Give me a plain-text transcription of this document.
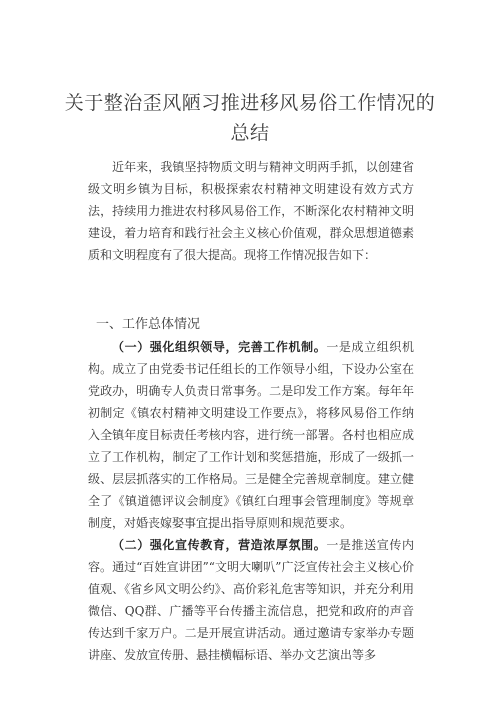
关于整治歪风陋习推进移风易俗工作情况的总结

近年来，我镇坚持物质文明与精神文明两手抓，以创建省级文明乡镇为目标，积极探索农村精神文明建设有效方式方法，持续用力推进农村移风易俗工作，不断深化农村精神文明建设，着力培育和践行社会主义核心价值观，群众思想道德素质和文明程度有了很大提高。现将工作情况报告如下：

一、工作总体情况

（一）强化组织领导，完善工作机制。一是成立组织机构。成立了由党委书记任组长的工作领导小组，下设办公室在党政办，明确专人负责日常事务。二是印发工作方案。每年年初制定《镇农村精神文明建设工作要点》，将移风易俗工作纳入全镇年度目标责任考核内容，进行统一部署。各村也相应成立了工作机构，制定了工作计划和奖惩措施，形成了一级抓一级、层层抓落实的工作格局。三是健全完善规章制度。建立健全了《镇道德评议会制度》《镇红白理事会管理制度》等规章制度，对婚丧嫁娶事宜提出指导原则和规范要求。

（二）强化宣传教育，营造浓厚氛围。一是推送宣传内容。通过“百姓宣讲团”“文明大喇叭”广泛宣传社会主义核心价值观、《省乡风文明公约》、高价彩礼危害等知识，并充分利用微信、QQ群、广播等平台传播主流信息，把党和政府的声音传达到千家万户。二是开展宣讲活动。通过邀请专家举办专题讲座、发放宣传册、悬挂横幅标语、举办文艺演出等多
